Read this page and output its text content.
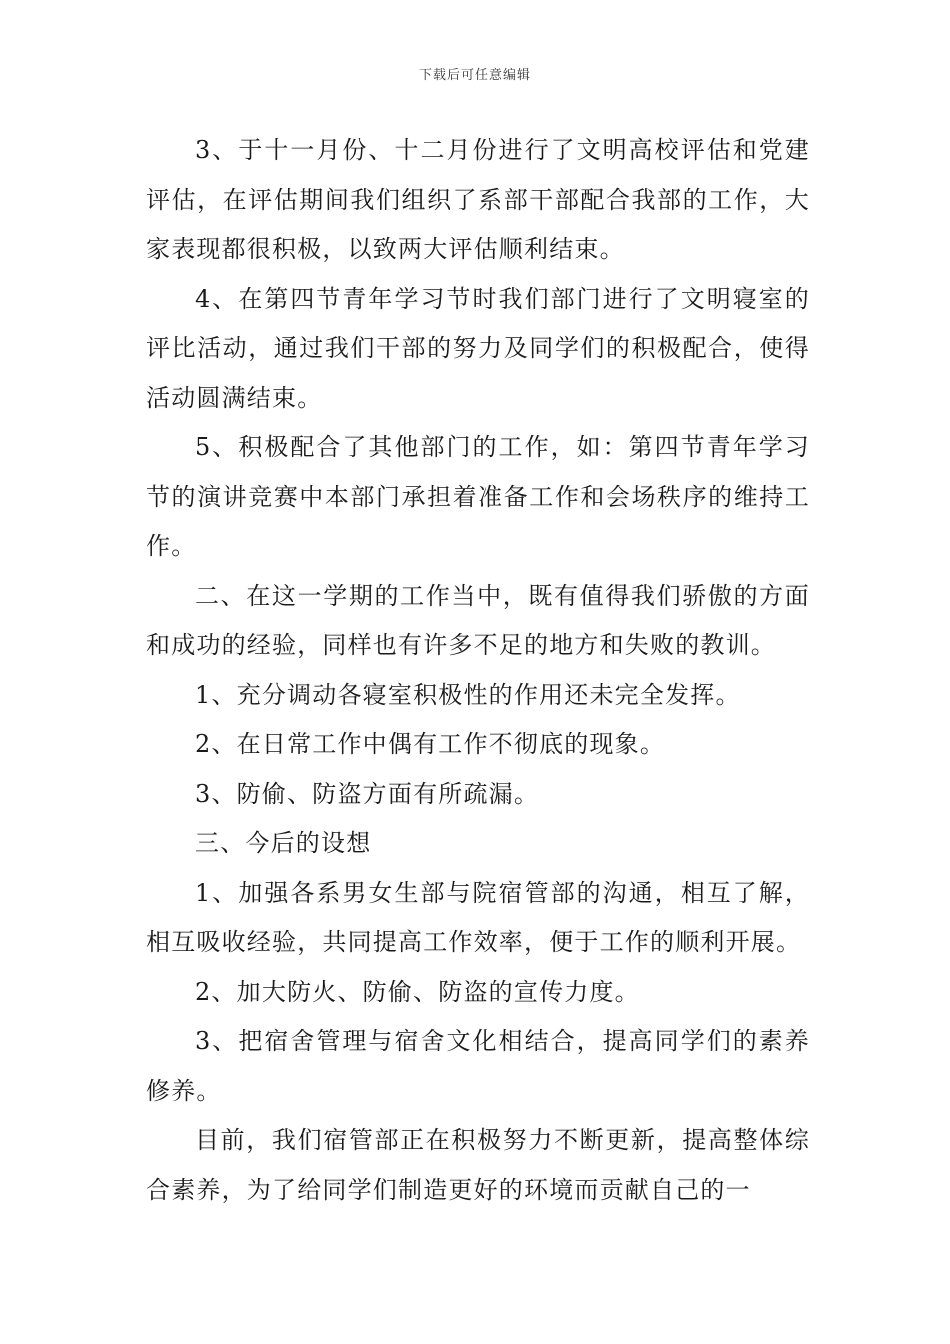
下载后可任意编辑

3、于十一月份、十二月份进行了文明高校评估和党建评估，在评估期间我们组织了系部干部配合我部的工作，大家表现都很积极，以致两大评估顺利结束。

4、在第四节青年学习节时我们部门进行了文明寝室的评比活动，通过我们干部的努力及同学们的积极配合，使得活动圆满结束。

5、积极配合了其他部门的工作，如：第四节青年学习节的演讲竞赛中本部门承担着准备工作和会场秩序的维持工作。

二、在这一学期的工作当中，既有值得我们骄傲的方面和成功的经验，同样也有许多不足的地方和失败的教训。

1、充分调动各寝室积极性的作用还未完全发挥。

2、在日常工作中偶有工作不彻底的现象。

3、防偷、防盗方面有所疏漏。

三、今后的设想

1、加强各系男女生部与院宿管部的沟通，相互了解，相互吸收经验，共同提高工作效率，便于工作的顺利开展。

2、加大防火、防偷、防盗的宣传力度。

3、把宿舍管理与宿舍文化相结合，提高同学们的素养修养。

目前，我们宿管部正在积极努力不断更新，提高整体综合素养，为了给同学们制造更好的环境而贡献自己的一
